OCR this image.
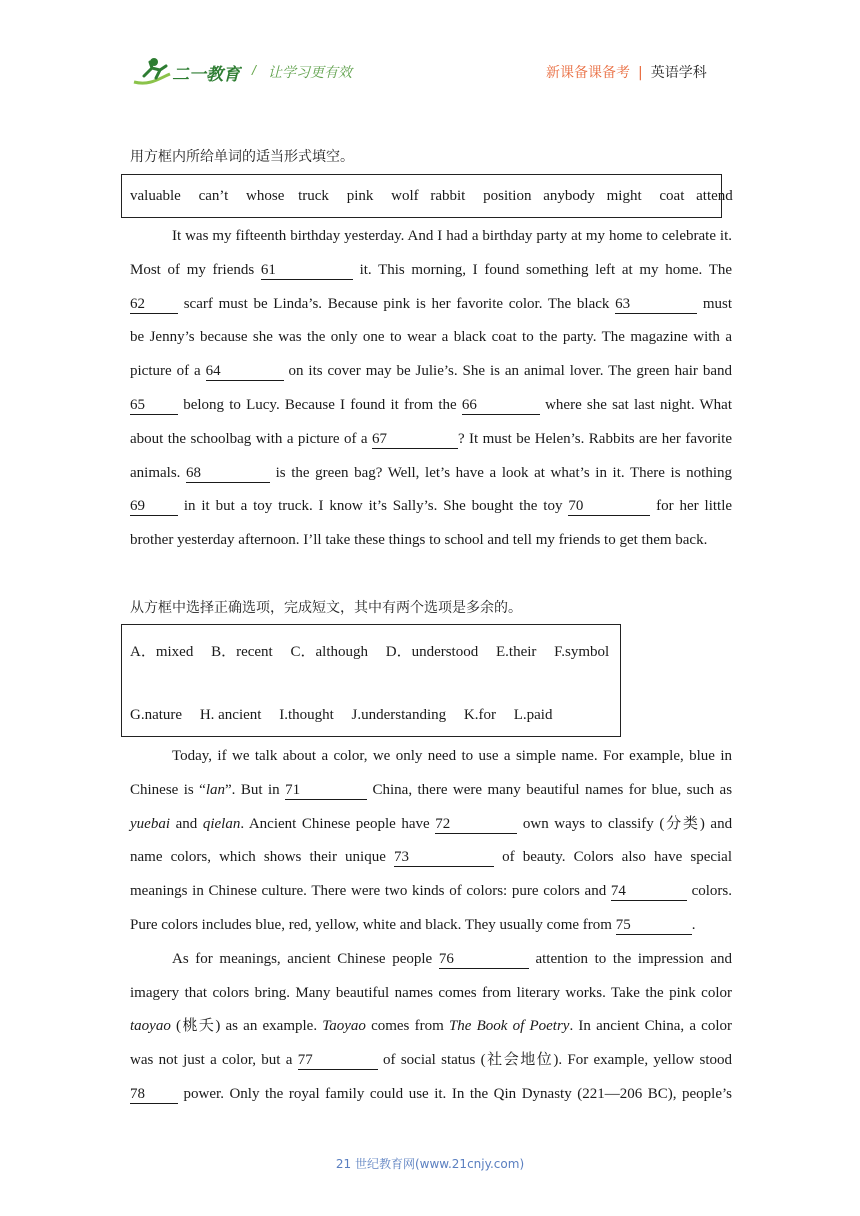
二一教育 / 让学习更有效	新课备课备考 | 英语学科
用方框内所给单词的适当形式填空。
valuable can’t whose truck pink wolf rabbit position anybody might coat attend
It was my fifteenth birthday yesterday. And I had a birthday party at my home to celebrate it.
Most of my friends 61	it. This morning, I found something left at my home. The
62	scarf must be Linda’s. Because pink is her favorite color. The black 63	must
be Jenny’s because she was the only one to wear a black coat to the party. The magazine with a
picture of a 64	on its cover may be Julie’s. She is an animal lover. The green hair band
65	belong to Lucy. Because I found it from the 66	where she sat last night. What
about the schoolbag with a picture of a 67	? It must be Helen’s. Rabbits are her favorite
animals. 68	is the green bag? Well, let’s have a look at what’s in it. There is nothing
69	in it but a toy truck. I know it’s Sally’s. She bought the toy 70	for her little
brother yesterday afternoon. I’ll take these things to school and tell my friends to get them back.
从方框中选择正确选项，完成短文，其中有两个选项是多余的。
A．mixed B．recent C．although D．understood E.their F.symbol
G.nature H. ancient I.thought J.understanding K.for L.paid
Today, if we talk about a color, we only need to use a simple name. For example, blue in
Chinese is “lan”. But in 71	China, there were many beautiful names for blue, such as
yuebai and qielan. Ancient Chinese people have 72	own ways to classify (分类) and
name colors, which shows their unique 73	of beauty. Colors also have special
meanings in Chinese culture. There were two kinds of colors: pure colors and 74	colors.
Pure colors includes blue, red, yellow, white and black. They usually come from 75	.
As for meanings, ancient Chinese people 76	attention to the impression and
imagery that colors bring. Many beautiful names comes from literary works. Take the pink color
taoyao (桃夭) as an example. Taoyao comes from The Book of Poetry. In ancient China, a color
was not just a color, but a 77	of social status (社会地位). For example, yellow stood
78	power. Only the royal family could use it. In the Qin Dynasty (221—206 BC), people’s
21 世纪教育网(www.21cnjy.com)
